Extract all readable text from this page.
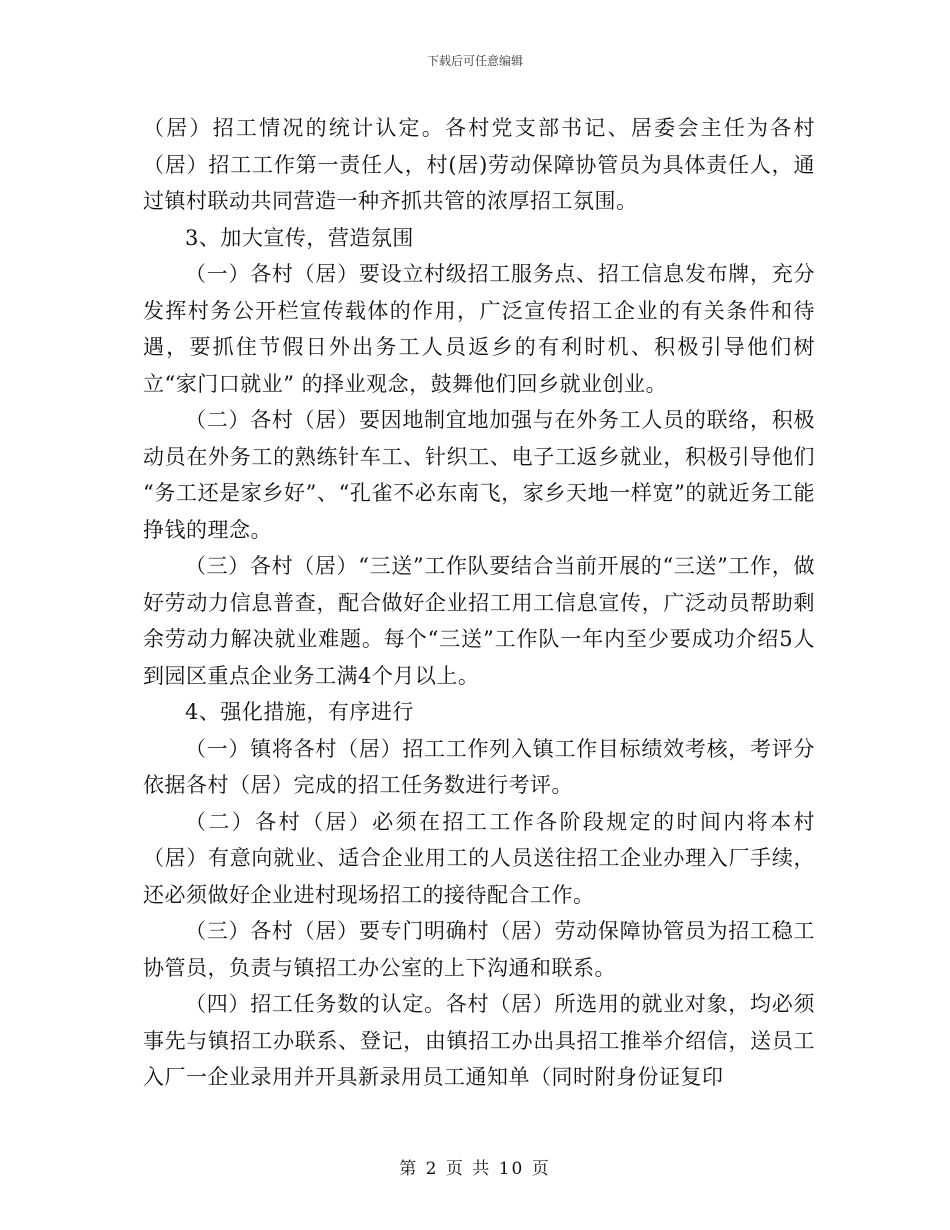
下载后可任意编辑

（居）招工情况的统计认定。各村党支部书记、居委会主任为各村（居）招工工作第一责任人，村(居)劳动保障协管员为具体责任人，通过镇村联动共同营造一种齐抓共管的浓厚招工氛围。

3、加大宣传，营造氛围

（一）各村（居）要设立村级招工服务点、招工信息发布牌，充分发挥村务公开栏宣传载体的作用，广泛宣传招工企业的有关条件和待遇，要抓住节假日外出务工人员返乡的有利时机、积极引导他们树立“家门口就业” 的择业观念，鼓舞他们回乡就业创业。

（二）各村（居）要因地制宜地加强与在外务工人员的联络，积极动员在外务工的熟练针车工、针织工、电子工返乡就业，积极引导他们 “务工还是家乡好”、“孔雀不必东南飞，家乡天地一样宽”的就近务工能挣钱的理念。

（三）各村（居）“三送”工作队要结合当前开展的“三送”工作，做好劳动力信息普查，配合做好企业招工用工信息宣传，广泛动员帮助剩余劳动力解决就业难题。每个“三送”工作队一年内至少要成功介绍5人到园区重点企业务工满4个月以上。

4、强化措施，有序进行

（一）镇将各村（居）招工工作列入镇工作目标绩效考核，考评分依据各村（居）完成的招工任务数进行考评。

（二）各村（居）必须在招工工作各阶段规定的时间内将本村（居）有意向就业、适合企业用工的人员送往招工企业办理入厂手续，还必须做好企业进村现场招工的接待配合工作。

（三）各村（居）要专门明确村（居）劳动保障协管员为招工稳工协管员，负责与镇招工办公室的上下沟通和联系。

（四）招工任务数的认定。各村（居）所选用的就业对象，均必须事先与镇招工办联系、登记，由镇招工办出具招工推举介绍信，送员工入厂一企业录用并开具新录用员工通知单（同时附身份证复印

第 2 页 共 10 页
